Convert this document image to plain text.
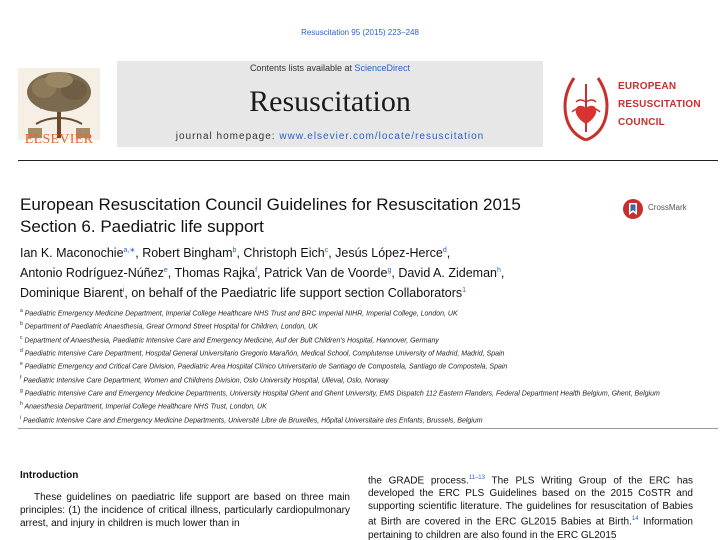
Resuscitation 95 (2015) 223–248
ELSEVIER
Contents lists available at ScienceDirect
Resuscitation
journal homepage: www.elsevier.com/locate/resuscitation
EUROPEAN
RESUSCITATION
COUNCIL
European Resuscitation Council Guidelines for Resuscitation 2015
Section 6. Paediatric life support
CrossMark
Ian K. Maconochie$^{a,∗}$, Robert Bingham$^b$, Christoph Eich$^c$, Jesús López-Herce$^d$,
Antonio Rodríguez-Núñez$^e$, Thomas Rajka$^f$, Patrick Van de Voorde$^g$, David A. Zideman$^h$,
Dominique Biarent$^i$, on behalf of the Paediatric life support section Collaborators$^1$
$^a$ Paediatric Emergency Medicine Department, Imperial College Healthcare NHS Trust and BRC Imperial NIHR, Imperial College, London, UK
$^b$ Department of Paediatric Anaesthesia, Great Ormond Street Hospital for Children, London, UK
$^c$ Department of Anaesthesia, Paediatric Intensive Care and Emergency Medicine, Auf der Bult Children's Hospital, Hannover, Germany
$^d$ Paediatric Intensive Care Department, Hospital General Universitario Gregorio Marañón, Medical School, Complutense University of Madrid, Madrid, Spain
$^e$ Paediatric Emergency and Critical Care Division, Paediatric Area Hospital Clínico Universitario de Santiago de Compostela, Santiago de Compostela, Spain
$^f$ Paediatric Intensive Care Department, Women and Childrens Division, Oslo University Hospital, Ulleval, Oslo, Norway
$^g$ Paediatric Intensive Care and Emergency Medicine Departments, University Hospital Ghent and Ghent University, EMS Dispatch 112 Eastern Flanders, Federal Department Health Belgium, Ghent, Belgium
$^h$ Anaesthesia Department, Imperial College Healthcare NHS Trust, London, UK
$^i$ Paediatric Intensive Care and Emergency Medicine Departments, Université Libre de Bruxelles, Hôpital Universitaire des Enfants, Brussels, Belgium
Introduction

These guidelines on paediatric life support are based on three main principles: (1) the incidence of critical illness, particularly cardiopulmonary arrest, and injury in children is much lower than in

the GRADE process.$^{11-13}$ The PLS Writing Group of the ERC has developed the ERC PLS Guidelines based on the 2015 CoSTR and supporting scientific literature. The guidelines for resuscitation of Babies at Birth are covered in the ERC GL2015 Babies at Birth.$^{14}$ Information pertaining to children are also found in the ERC GL2015
